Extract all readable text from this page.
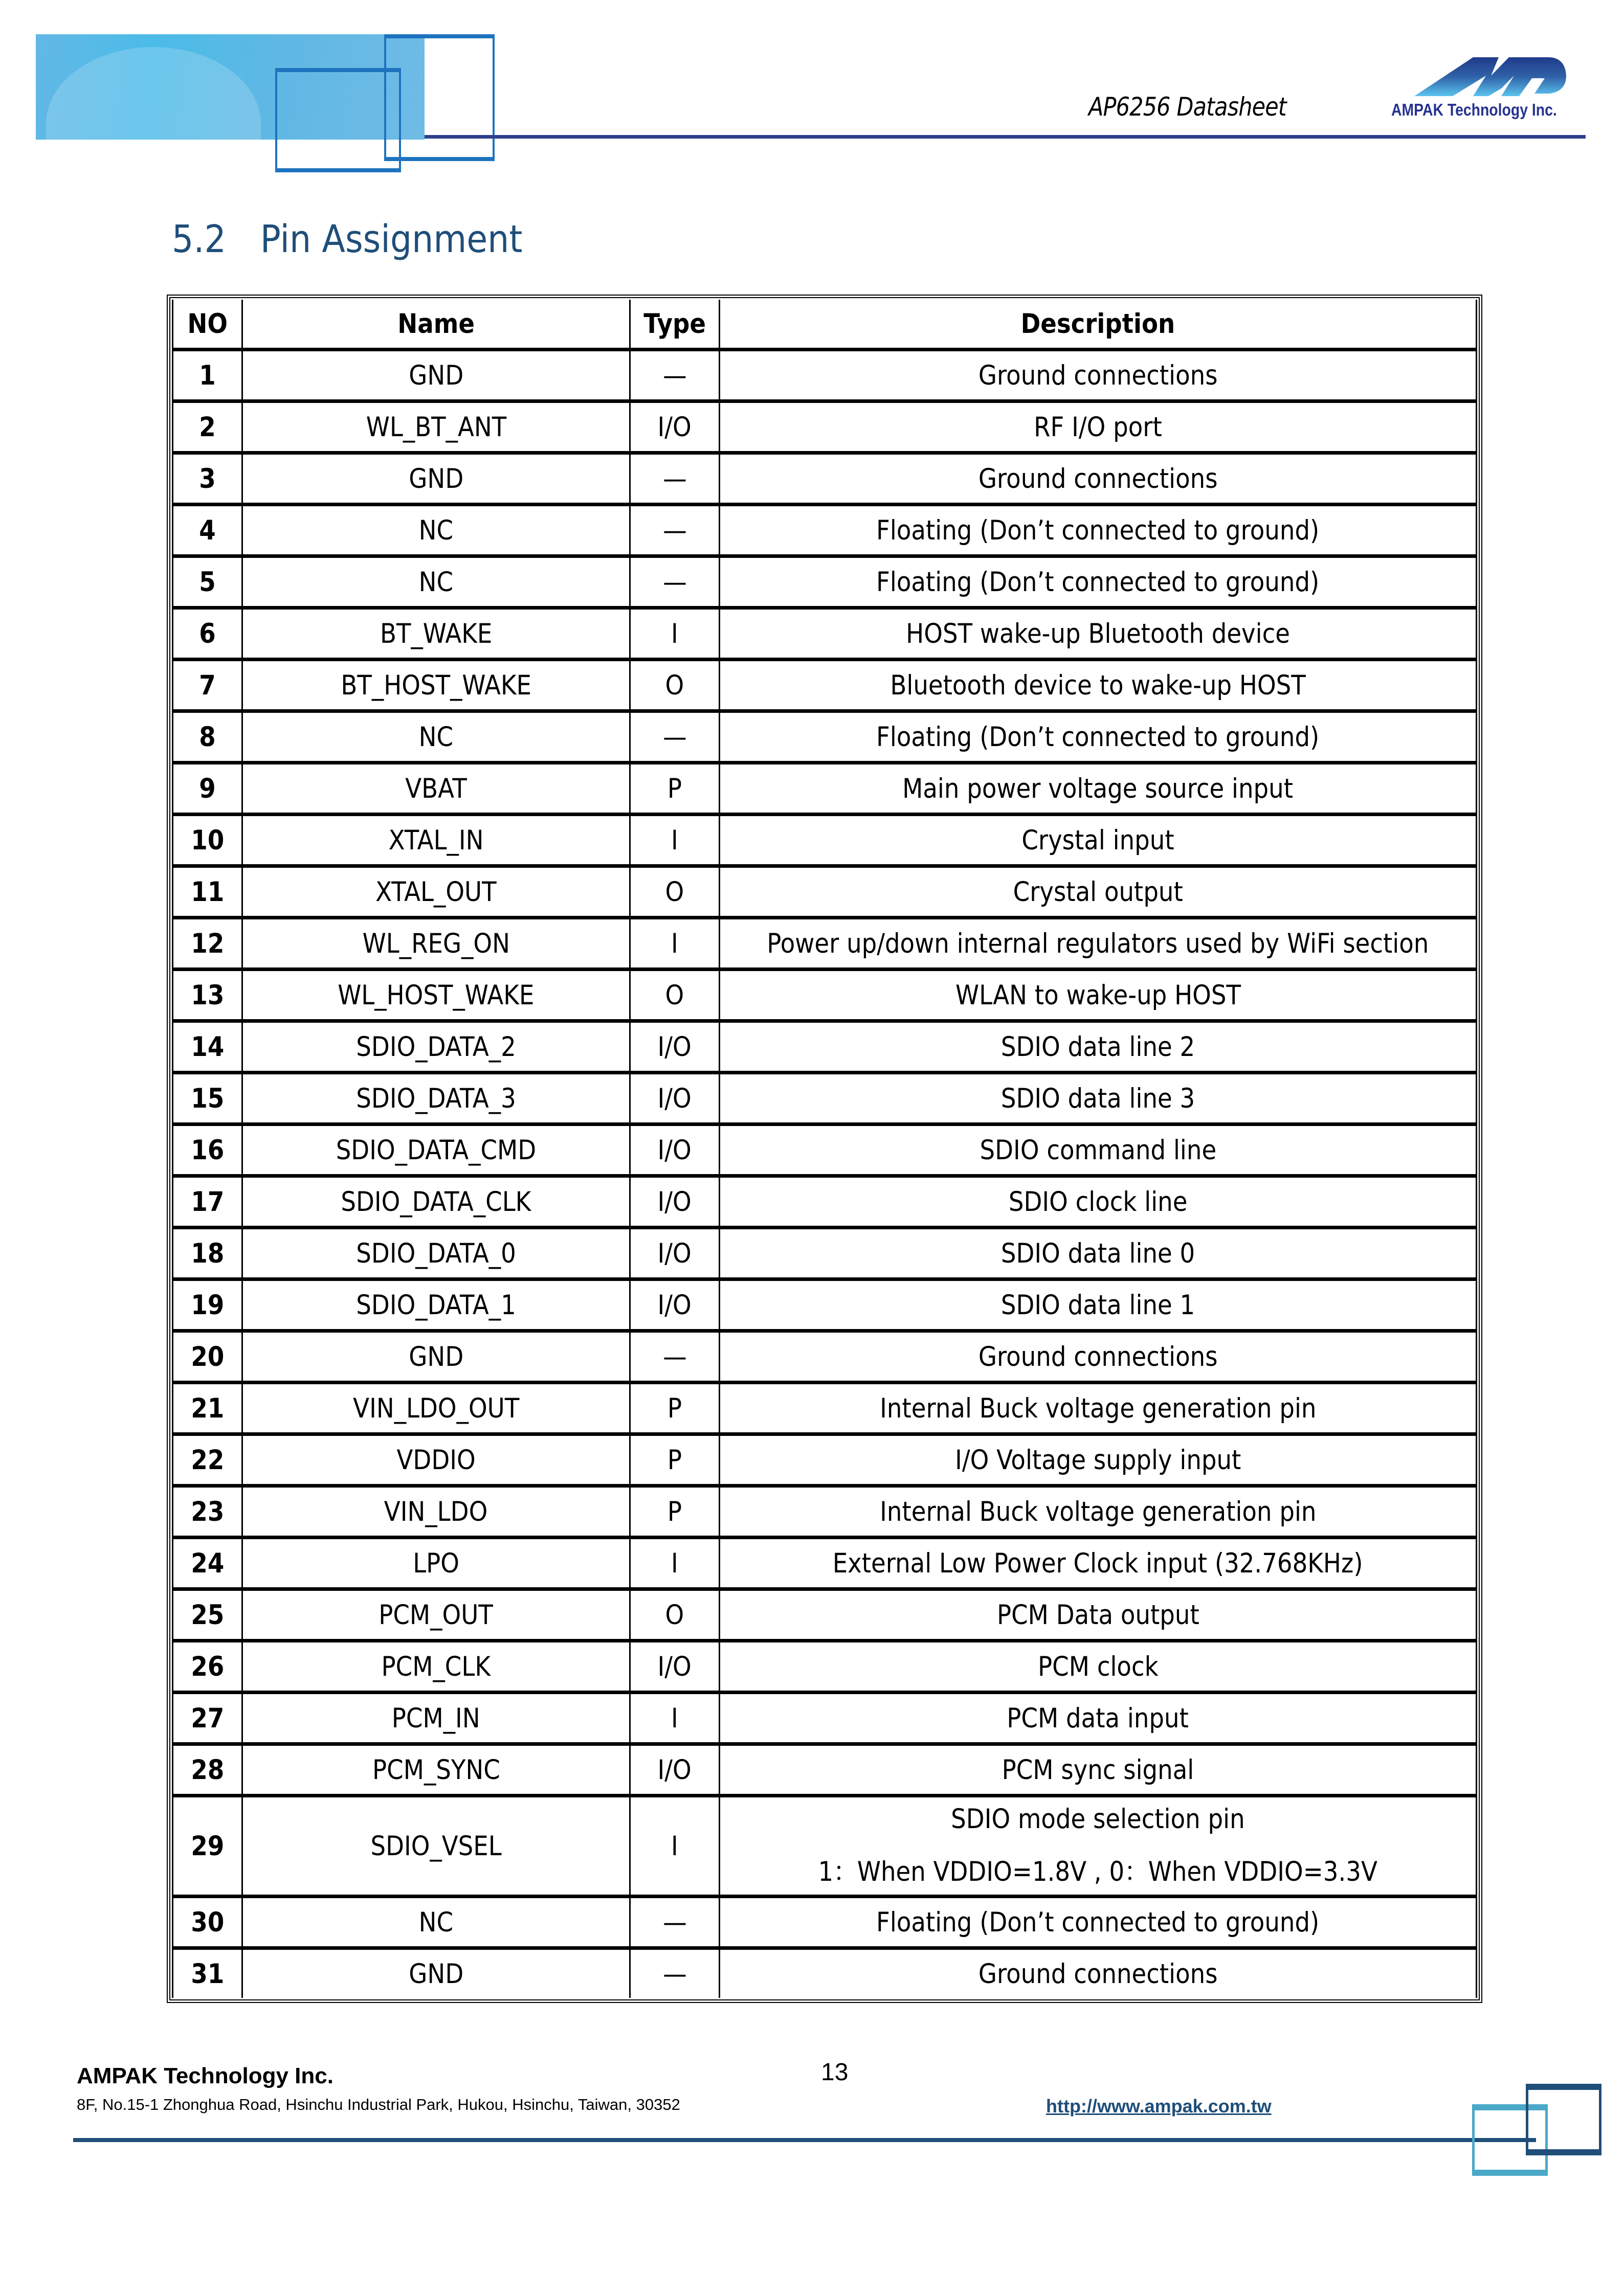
AP6256 Datasheet	AMPAK Technology Inc.
5.2 Pin Assignment
NO	Name	Type	Description
1	GND	—	Ground connections
2	WL_BT_ANT	I/O	RF I/O port
3	GND	—	Ground connections
4	NC	—	Floating (Don’t connected to ground)
5	NC	—	Floating (Don’t connected to ground)
6	BT_WAKE	I	HOST wake-up Bluetooth device
7	BT_HOST_WAKE	O	Bluetooth device to wake-up HOST
8	NC	—	Floating (Don’t connected to ground)
9	VBAT	P	Main power voltage source input
10	XTAL_IN	I	Crystal input
11	XTAL_OUT	O	Crystal output
12	WL_REG_ON	I	Power up/down internal regulators used by WiFi section
13	WL_HOST_WAKE	O	WLAN to wake-up HOST
14	SDIO_DATA_2	I/O	SDIO data line 2
15	SDIO_DATA_3	I/O	SDIO data line 3
16	SDIO_DATA_CMD	I/O	SDIO command line
17	SDIO_DATA_CLK	I/O	SDIO clock line
18	SDIO_DATA_0	I/O	SDIO data line 0
19	SDIO_DATA_1	I/O	SDIO data line 1
20	GND	—	Ground connections
21	VIN_LDO_OUT	P	Internal Buck voltage generation pin
22	VDDIO	P	I/O Voltage supply input
23	VIN_LDO	P	Internal Buck voltage generation pin
24	LPO	I	External Low Power Clock input (32.768KHz)
25	PCM_OUT	O	PCM Data output
26	PCM_CLK	I/O	PCM clock
27	PCM_IN	I	PCM data input
28	PCM_SYNC	I/O	PCM sync signal
29	SDIO_VSEL	I	SDIO mode selection pin
1：When VDDIO=1.8V , 0：When VDDIO=3.3V
30	NC	—	Floating (Don’t connected to ground)
31	GND	—	Ground connections
AMPAK Technology Inc.
8F, No.15-1 Zhonghua Road, Hsinchu Industrial Park, Hukou, Hsinchu, Taiwan, 30352
13
http://www.ampak.com.tw
